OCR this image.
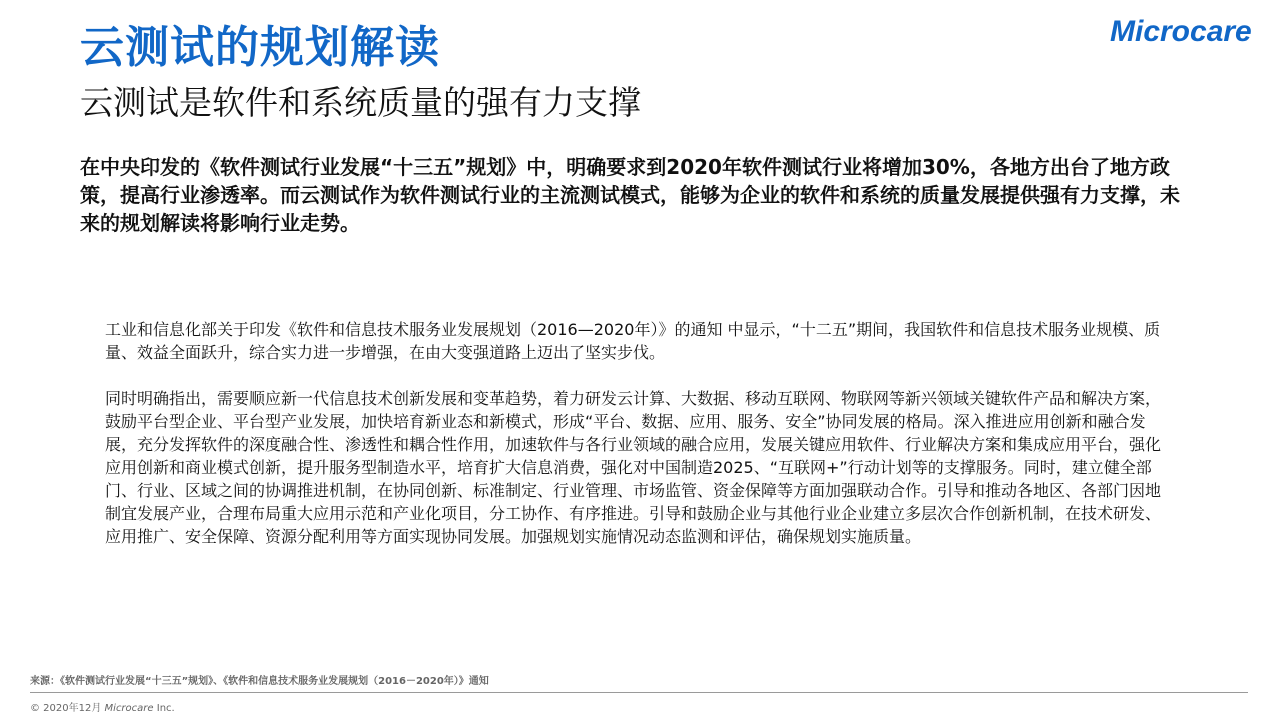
云测试的规划解读
云测试是软件和系统质量的强有力支撑
Microcare
在中央印发的《软件测试行业发展“十三五”规划》中，明确要求到2020年软件测试行业将增加30%，各地方出台了地方政策，提高行业渗透率。而云测试作为软件测试行业的主流测试模式，能够为企业的软件和系统的质量发展提供强有力支撑，未来的规划解读将影响行业走势。

工业和信息化部关于印发《软件和信息技术服务业发展规划（2016—2020年）》的通知 中显示，“十二五”期间，我国软件和信息技术服务业规模、质量、效益全面跃升，综合实力进一步增强，在由大变强道路上迈出了坚实步伐。

同时明确指出，需要顺应新一代信息技术创新发展和变革趋势，着力研发云计算、大数据、移动互联网、物联网等新兴领域关键软件产品和解决方案，鼓励平台型企业、平台型产业发展，加快培育新业态和新模式，形成“平台、数据、应用、服务、安全”协同发展的格局。深入推进应用创新和融合发展，充分发挥软件的深度融合性、渗透性和耦合性作用，加速软件与各行业领域的融合应用，发展关键应用软件、行业解决方案和集成应用平台，强化应用创新和商业模式创新，提升服务型制造水平，培育扩大信息消费，强化对中国制造2025、“互联网+”行动计划等的支撑服务。同时，建立健全部门、行业、区域之间的协调推进机制，在协同创新、标准制定、行业管理、市场监管、资金保障等方面加强联动合作。引导和推动各地区、各部门因地制宜发展产业，合理布局重大应用示范和产业化项目，分工协作、有序推进。引导和鼓励企业与其他行业企业建立多层次合作创新机制，在技术研发、应用推广、安全保障、资源分配利用等方面实现协同发展。加强规划实施情况动态监测和评估，确保规划实施质量。

来源：《软件测试行业发展“十三五”规划》、《软件和信息技术服务业发展规划（2016－2020年）》通知
© 2020年12月 Microcare Inc.
